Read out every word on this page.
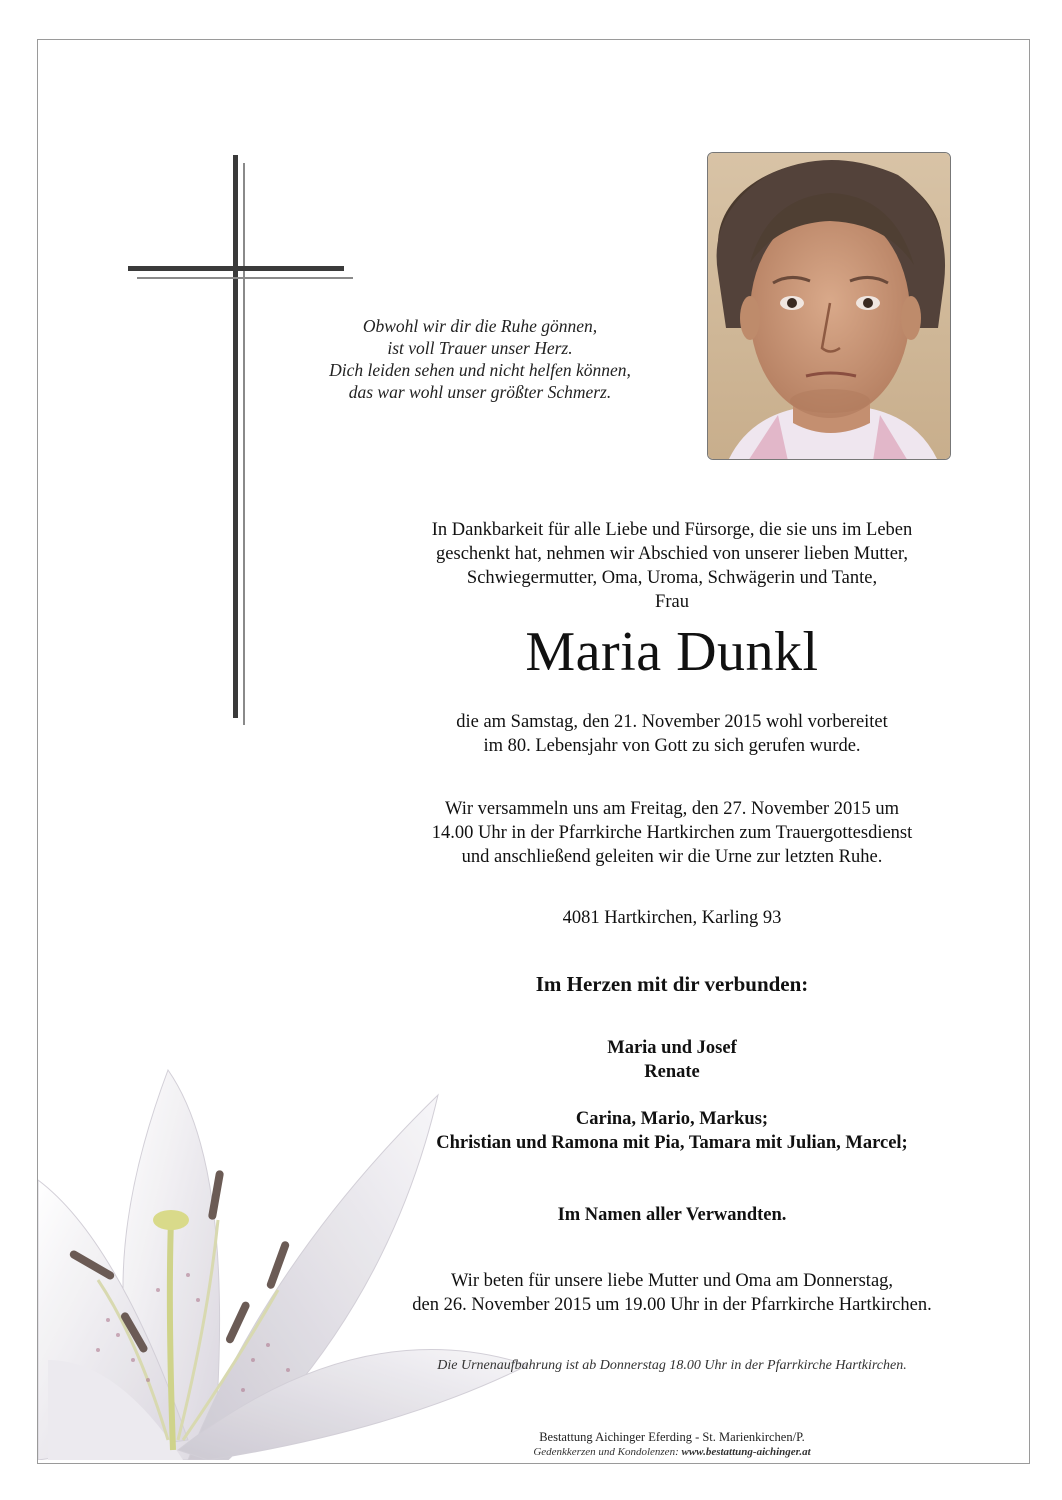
Obwohl wir dir die Ruhe gönnen,
ist voll Trauer unser Herz.
Dich leiden sehen und nicht helfen können,
das war wohl unser größter Schmerz.
In Dankbarkeit für alle Liebe und Fürsorge, die sie uns im Leben
geschenkt hat, nehmen wir Abschied von unserer lieben Mutter,
Schwiegermutter, Oma, Uroma, Schwägerin und Tante,
Frau
Maria Dunkl
die am Samstag, den 21. November 2015 wohl vorbereitet
im 80. Lebensjahr von Gott zu sich gerufen wurde.
Wir versammeln uns am Freitag, den 27. November 2015 um
14.00 Uhr in der Pfarrkirche Hartkirchen zum Trauergottesdienst
und anschließend geleiten wir die Urne zur letzten Ruhe.
4081 Hartkirchen, Karling 93
Im Herzen mit dir verbunden:
Maria und Josef
Renate
Carina, Mario, Markus;
Christian und Ramona mit Pia, Tamara mit Julian, Marcel;
Im Namen aller Verwandten.
Wir beten für unsere liebe Mutter und Oma am Donnerstag,
den 26. November 2015 um 19.00 Uhr in der Pfarrkirche Hartkirchen.
Die Urnenaufbahrung ist ab Donnerstag 18.00 Uhr in der Pfarrkirche Hartkirchen.
Bestattung Aichinger Eferding - St. Marienkirchen/P.
Gedenkkerzen und Kondolenzen: www.bestattung-aichinger.at
